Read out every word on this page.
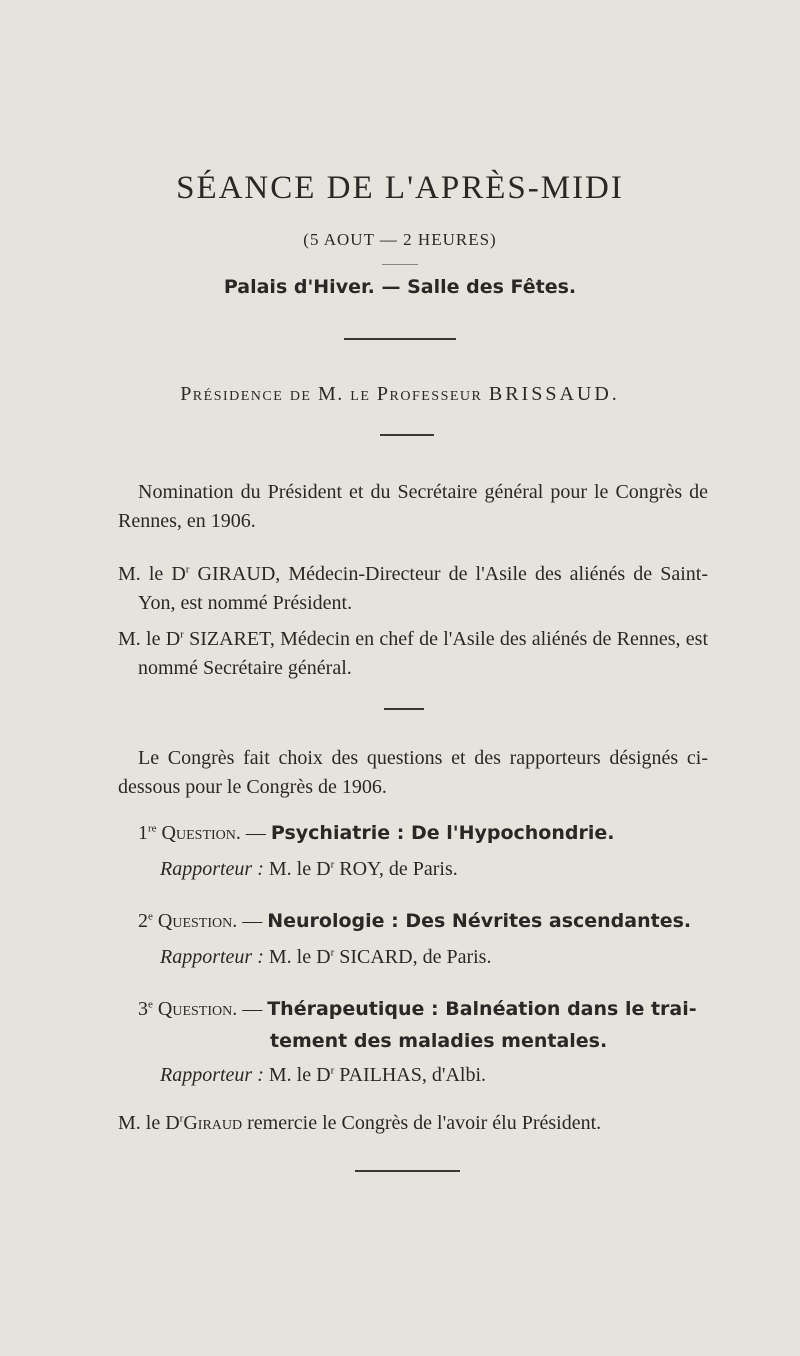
SÉANCE DE L'APRÈS-MIDI
(5 AOUT — 2 HEURES)
Palais d'Hiver. — Salle des Fêtes.
Présidence de M. le Professeur BRISSAUD.
Nomination du Président et du Secrétaire général pour le Congrès de Rennes, en 1906.
M. le $D^r$ GIRAUD, Médecin-Directeur de l'Asile des aliénés de Saint-Yon, est nommé Président.
M. le $D^r$ SIZARET, Médecin en chef de l'Asile des aliénés de Rennes, est nommé Secrétaire général.
Le Congrès fait choix des questions et des rapporteurs désignés ci-dessous pour le Congrès de 1906.
1re Question. — Psychiatrie : De l'Hypochondrie.
Rapporteur : M. le $D^r$ ROY, de Paris.
2e Question. — Neurologie : Des Névrites ascendantes.
Rapporteur : M. le $D^r$ SICARD, de Paris.
3e Question. — Thérapeutique : Balnéation dans le trai-
tement des maladies mentales.
Rapporteur : M. le $D^r$ PAILHAS, d'Albi.
M. le $D^rGiraud$ remercie le Congrès de l'avoir élu Président.
